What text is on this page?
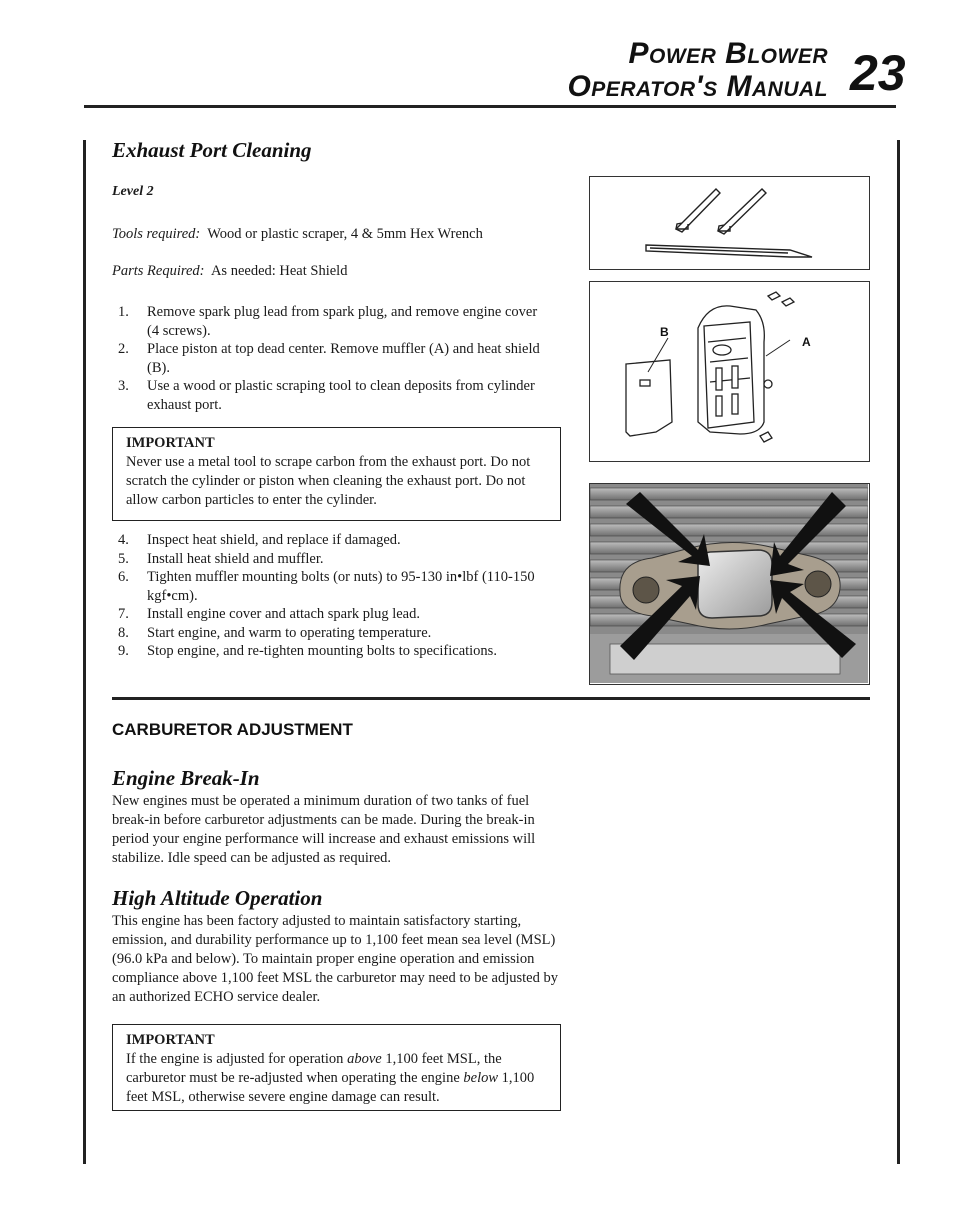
Power Blower
Operator's Manual 23
Exhaust Port Cleaning
Level 2
Tools required: Wood or plastic scraper, 4 & 5mm Hex Wrench
Parts Required: As needed: Heat Shield
1. Remove spark plug lead from spark plug, and remove engine cover (4 screws).
2. Place piston at top dead center. Remove muffler (A) and heat shield (B).
3. Use a wood or plastic scraping tool to clean deposits from cylinder exhaust port.
IMPORTANT
Never use a metal tool to scrape carbon from the exhaust port. Do not scratch the cylinder or piston when cleaning the exhaust port. Do not allow carbon particles to enter the cylinder.
4. Inspect heat shield, and replace if damaged.
5. Install heat shield and muffler.
6. Tighten muffler mounting bolts (or nuts) to 95-130 in•lbf (110-150 kgf•cm).
7. Install engine cover and attach spark plug lead.
8. Start engine, and warm to operating temperature.
9. Stop engine, and re-tighten mounting bolts to specifications.
B
A
CARBURETOR ADJUSTMENT
Engine Break-In
New engines must be operated a minimum duration of two tanks of fuel break-in before carburetor adjustments can be made. During the break-in period your engine performance will increase and exhaust emissions will stabilize. Idle speed can be adjusted as required.
High Altitude Operation
This engine has been factory adjusted to maintain satisfactory starting, emission, and durability performance up to 1,100 feet mean sea level (MSL) (96.0 kPa and below). To maintain proper engine operation and emission compliance above 1,100 feet MSL the carburetor may need to be adjusted by an authorized ECHO service dealer.
IMPORTANT
If the engine is adjusted for operation above 1,100 feet MSL, the carburetor must be re-adjusted when operating the engine below 1,100 feet MSL, otherwise severe engine damage can result.
